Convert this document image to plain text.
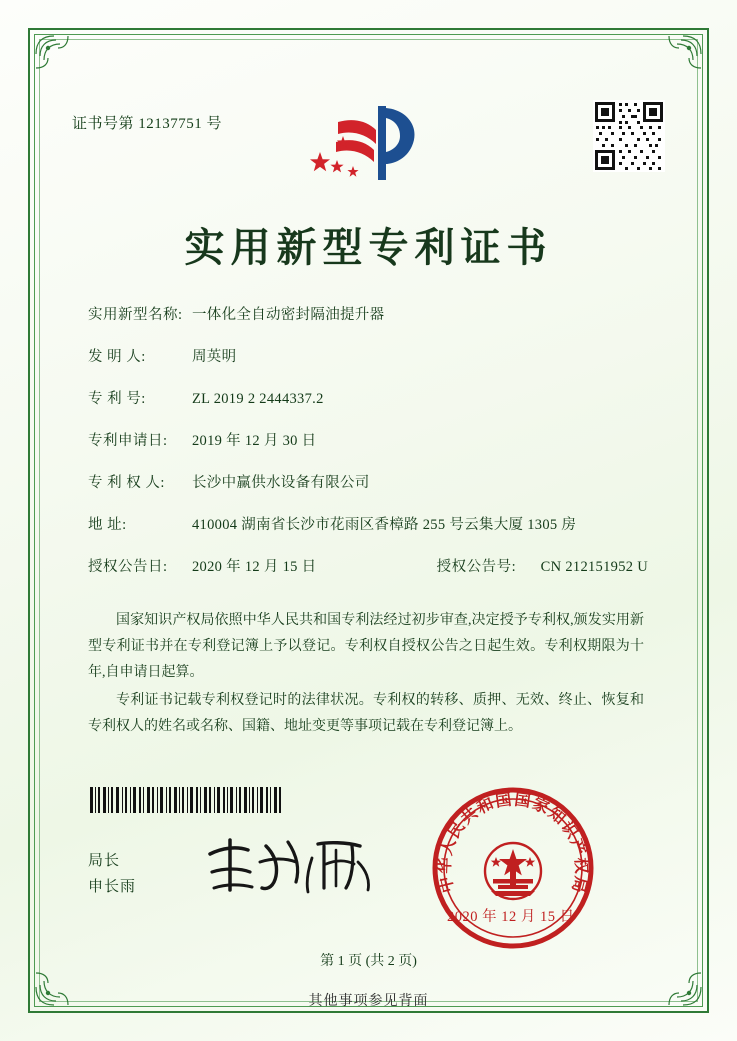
证书号第 12137751 号
实用新型专利证书
实用新型名称: 一体化全自动密封隔油提升器
发 明 人:	周英明
专 利 号:	ZL 2019 2 2444337.2
专利申请日:	2019 年 12 月 30 日
专 利 权 人:	长沙中赢供水设备有限公司
地 址:	410004 湖南省长沙市花雨区香樟路 255 号云集大厦 1305 房
授权公告日:	2020 年 12 月 15 日	授权公告号:	CN 212151952 U

国家知识产权局依照中华人民共和国专利法经过初步审查,决定授予专利权,颁发实用新型专利证书并在专利登记簿上予以登记。专利权自授权公告之日起生效。专利权期限为十年,自申请日起算。

专利证书记载专利权登记时的法律状况。专利权的转移、质押、无效、终止、恢复和专利权人的姓名或名称、国籍、地址变更等事项记载在专利登记簿上。

局长
申长雨	中
华
人
民
共
和
国 国
家
知
识
产
权
局
2020 年 12 月 15 日
第 1 页 (共 2 页)
其他事项参见背面
